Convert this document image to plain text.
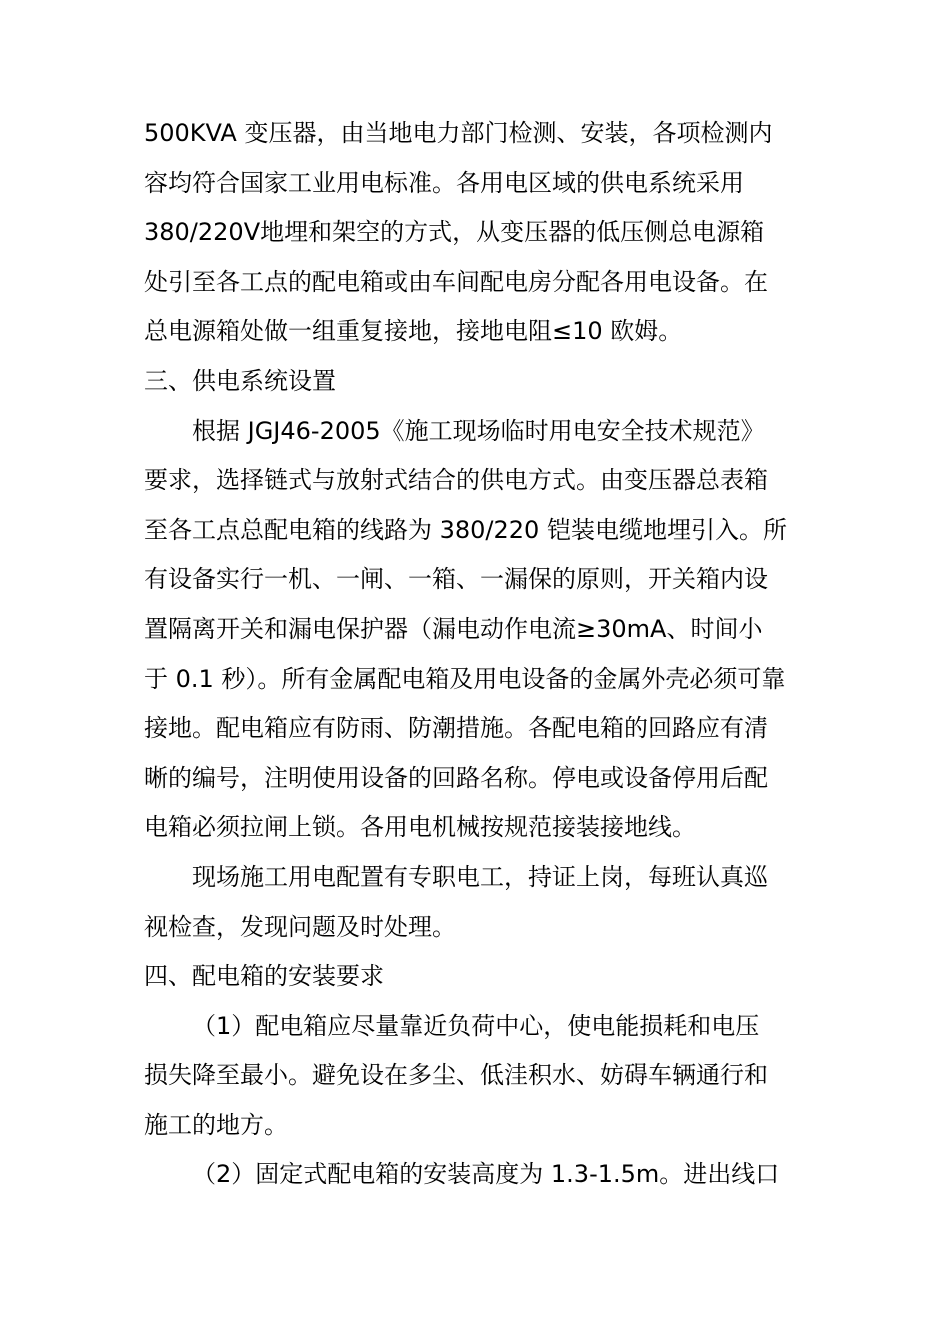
500KVA 变压器，由当地电力部门检测、安装，各项检测内
容均符合国家工业用电标准。各用电区域的供电系统采用
380/220V地埋和架空的方式，从变压器的低压侧总电源箱
处引至各工点的配电箱或由车间配电房分配各用电设备。在
总电源箱处做一组重复接地，接地电阻≤10 欧姆。
三、供电系统设置
根据 JGJ46-2005《施工现场临时用电安全技术规范》
要求，选择链式与放射式结合的供电方式。由变压器总表箱
至各工点总配电箱的线路为 380/220 铠装电缆地埋引入。所
有设备实行一机、一闸、一箱、一漏保的原则，开关箱内设
置隔离开关和漏电保护器（漏电动作电流≥30mA、时间小
于 0.1 秒）。所有金属配电箱及用电设备的金属外壳必须可靠
接地。配电箱应有防雨、防潮措施。各配电箱的回路应有清
晰的编号，注明使用设备的回路名称。停电或设备停用后配
电箱必须拉闸上锁。各用电机械按规范接装接地线。
现场施工用电配置有专职电工，持证上岗，每班认真巡
视检查，发现问题及时处理。
四、配电箱的安装要求
（1）配电箱应尽量靠近负荷中心，使电能损耗和电压
损失降至最小。避免设在多尘、低洼积水、妨碍车辆通行和
施工的地方。
（2）固定式配电箱的安装高度为 1.3-1.5m。进出线口
